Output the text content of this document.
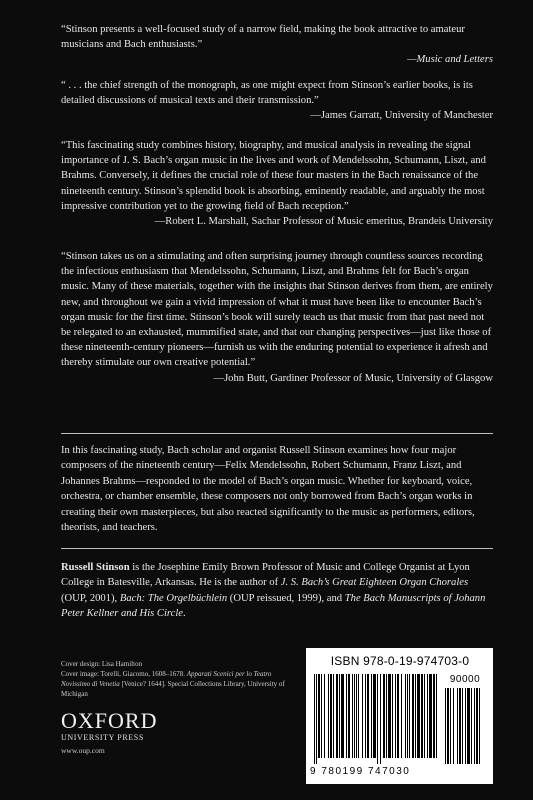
“Stinson presents a well-focused study of a narrow field, making the book attractive to amateur musicians and Bach enthusiasts.”

—Music and Letters

“ . . . the chief strength of the monograph, as one might expect from Stinson’s earlier books, is its detailed discussions of musical texts and their transmission.”

—James Garratt, University of Manchester

“This fascinating study combines history, biography, and musical analysis in revealing the signal importance of J. S. Bach’s organ music in the lives and work of Mendelssohn, Schumann, Liszt, and Brahms. Conversely, it defines the crucial role of these four masters in the Bach renaissance of the nineteenth century. Stinson’s splendid book is absorbing, eminently readable, and arguably the most impressive contribution yet to the growing field of Bach reception.”

—Robert L. Marshall, Sachar Professor of Music emeritus, Brandeis University

“Stinson takes us on a stimulating and often surprising journey through countless sources recording the infectious enthusiasm that Mendelssohn, Schumann, Liszt, and Brahms felt for Bach’s organ music. Many of these materials, together with the insights that Stinson derives from them, are entirely new, and throughout we gain a vivid impression of what it must have been like to encounter Bach’s organ music for the first time. Stinson’s book will surely teach us that music from that past need not be relegated to an exhausted, mummified state, and that our changing perspectives—just like those of these nineteenth-century pioneers—furnish us with the enduring potential to experience it afresh and thereby stimulate our own creative potential.”

—John Butt, Gardiner Professor of Music, University of Glasgow

In this fascinating study, Bach scholar and organist Russell Stinson examines how four major composers of the nineteenth century—Felix Mendelssohn, Robert Schumann, Franz Liszt, and Johannes Brahms—responded to the model of Bach’s organ music. Whether for keyboard, voice, orchestra, or chamber ensemble, these composers not only borrowed from Bach’s organ works in creating their own masterpieces, but also reacted significantly to the music as performers, editors, theorists, and teachers.

Russell Stinson is the Josephine Emily Brown Professor of Music and College Organist at Lyon College in Batesville, Arkansas. He is the author of J. S. Bach’s Great Eighteen Organ Chorales (OUP, 2001), Bach: The Orgelbüchlein (OUP reissued, 1999), and The Bach Manuscripts of Johann Peter Kellner and His Circle.

Cover design: Lisa Hamilton
Cover image: Torelli, Giacomo, 1608–1678. Apparati Scenici per lo Teatro Novissimo di Venetia [Venice? 1644]. Special Collections Library, University of Michigan
OXFORD
UNIVERSITY PRESS
www.oup.com
ISBN 978-0-19-974703-0
90000
9 780199 747030
